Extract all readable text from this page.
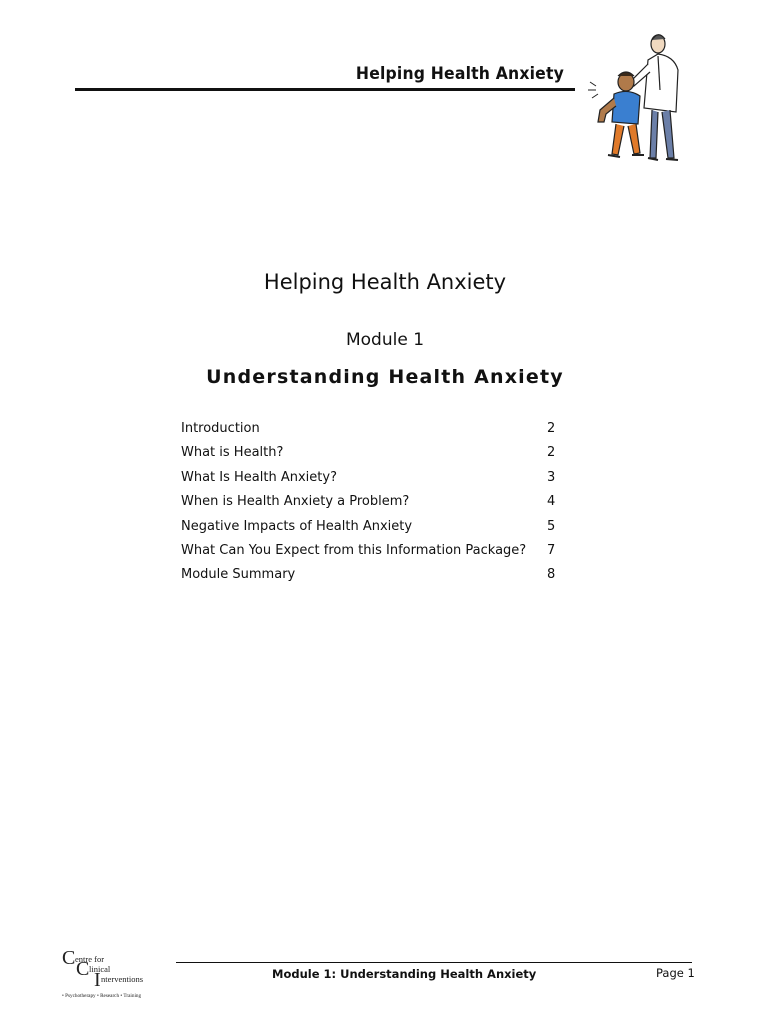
Helping Health Anxiety
Helping Health Anxiety
Module 1
Understanding Health Anxiety
Introduction	2
What is Health?	2
What Is Health Anxiety?	3
When is Health Anxiety a Problem?	4
Negative Impacts of Health Anxiety	5
What Can You Expect from this Information Package? 7
Module Summary	8
C entre for
C linical
I nterventions
• Psychotherapy • Research • Training
Module 1: Understanding Health Anxiety	Page 1
